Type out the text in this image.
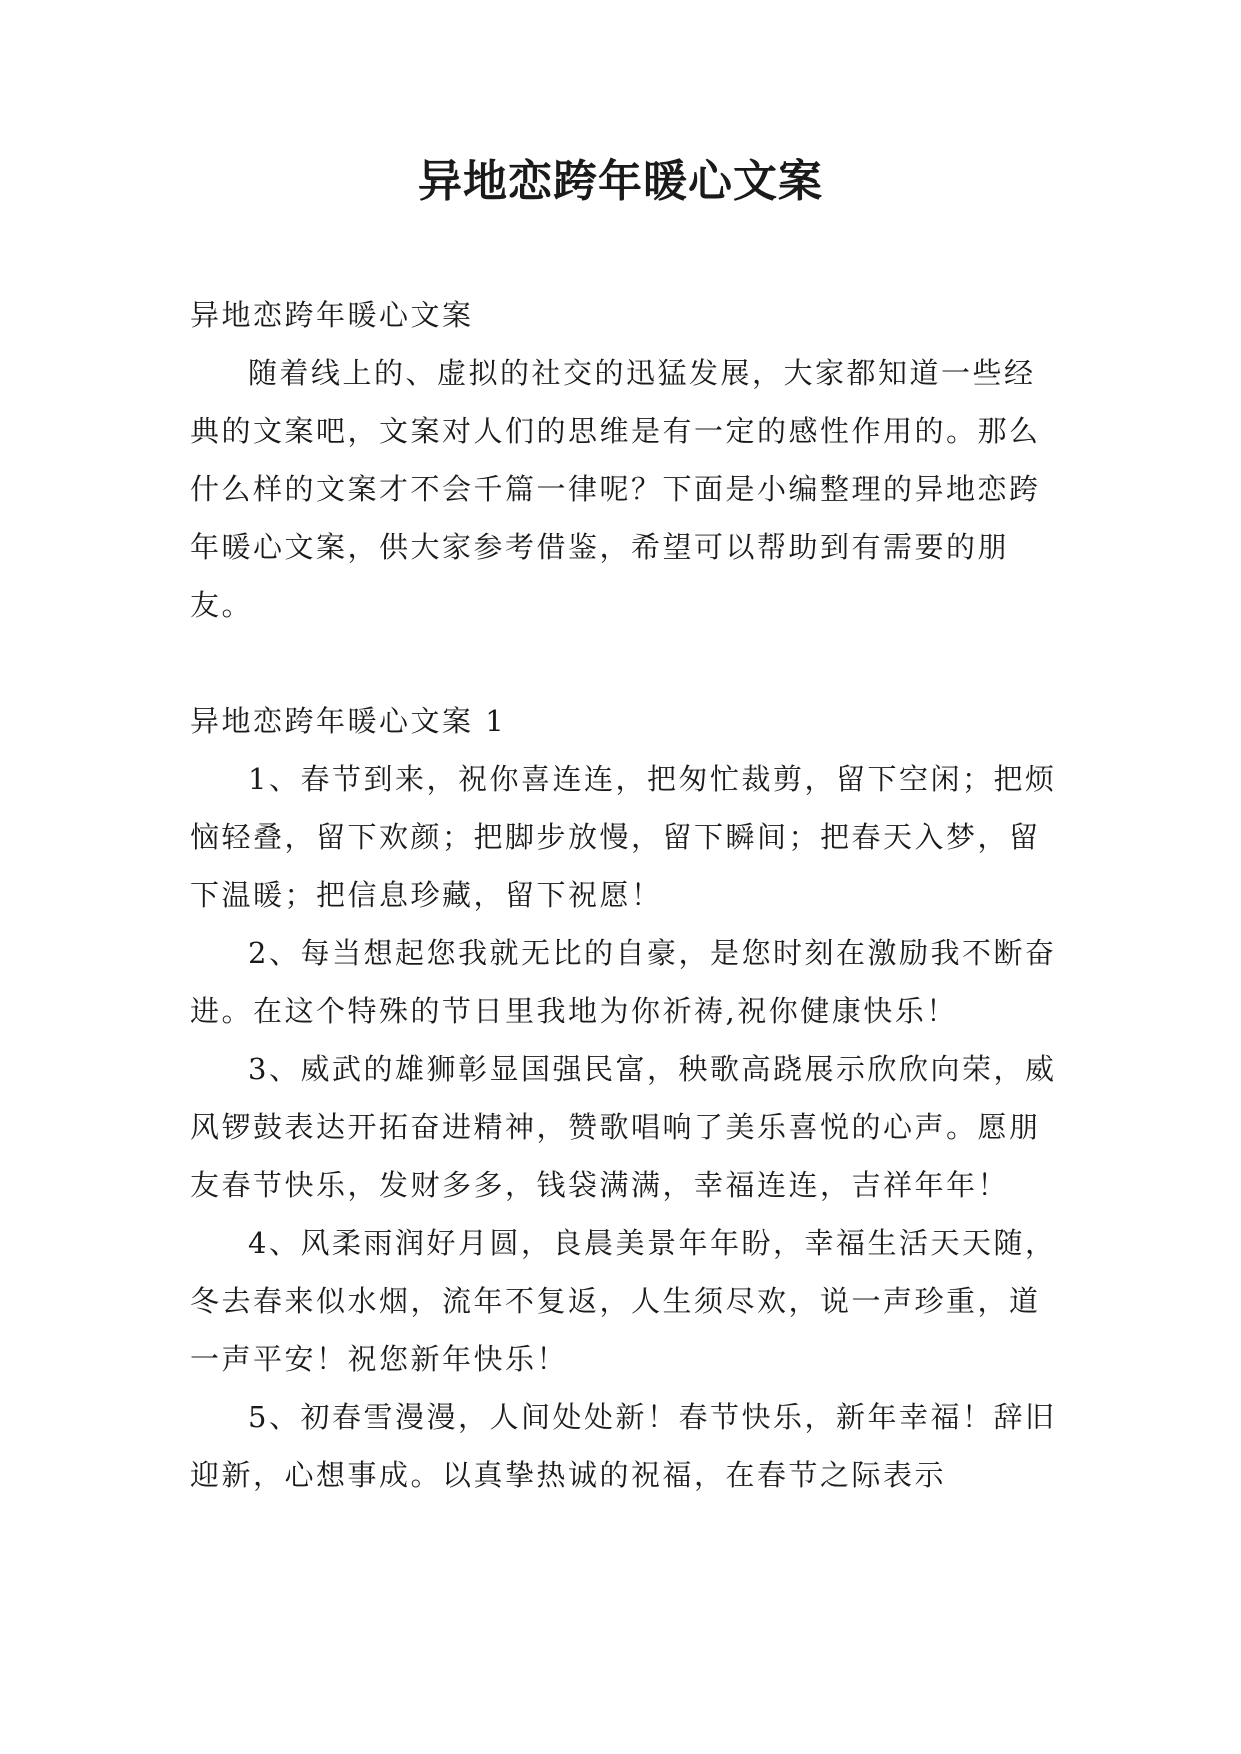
异地恋跨年暖心文案

异地恋跨年暖心文案

随着线上的、虚拟的社交的迅猛发展，大家都知道一些经典的文案吧，文案对人们的思维是有一定的感性作用的。那么什么样的文案才不会千篇一律呢？下面是小编整理的异地恋跨年暖心文案，供大家参考借鉴，希望可以帮助到有需要的朋友。

异地恋跨年暖心文案 1

1、春节到来，祝你喜连连，把匆忙裁剪，留下空闲；把烦恼轻叠，留下欢颜；把脚步放慢，留下瞬间；把春天入梦，留下温暖；把信息珍藏，留下祝愿！

2、每当想起您我就无比的自豪，是您时刻在激励我不断奋进。在这个特殊的节日里我地为你祈祷,祝你健康快乐！

3、威武的雄狮彰显国强民富，秧歌高跷展示欣欣向荣，威风锣鼓表达开拓奋进精神，赞歌唱响了美乐喜悦的心声。愿朋友春节快乐，发财多多，钱袋满满，幸福连连，吉祥年年！

4、风柔雨润好月圆，良晨美景年年盼，幸福生活天天随，冬去春来似水烟，流年不复返，人生须尽欢，说一声珍重，道一声平安！祝您新年快乐！

5、初春雪漫漫，人间处处新！春节快乐，新年幸福！辞旧迎新，心想事成。以真挚热诚的祝福，在春节之际表示
